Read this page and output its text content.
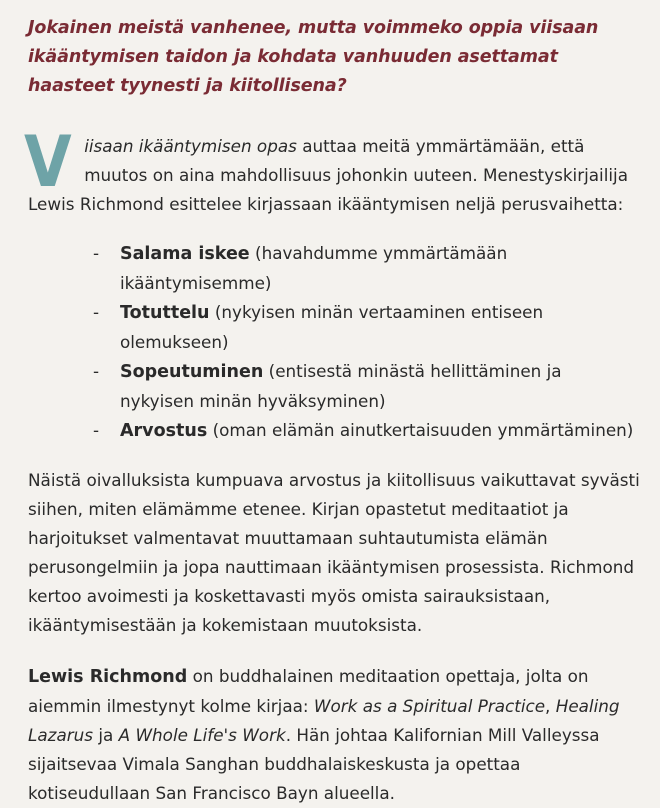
Jokainen meistä vanhenee, mutta voimmeko oppia viisaan ikääntymisen taidon ja kohdata vanhuuden asettamat haasteet tyynesti ja kiitollisena?

V iisaan ikääntymisen opas auttaa meitä ymmärtämään, että muutos on aina mahdollisuus johonkin uuteen. Menestyskirjailija Lewis Richmond esittelee kirjassaan ikääntymisen neljä perusvaihetta:

-	Salama iskee (havahdumme ymmärtämään ikääntymisemme)
-	Totuttelu (nykyisen minän vertaaminen entiseen olemukseen)
-	Sopeutuminen (entisestä minästä hellittäminen ja nykyisen minän hyväksyminen)
-	Arvostus (oman elämän ainutkertaisuuden ymmärtäminen)

Näistä oivalluksista kumpuava arvostus ja kiitollisuus vaikuttavat syvästi siihen, miten elämämme etenee. Kirjan opastetut meditaatiot ja harjoitukset valmentavat muuttamaan suhtautumista elämän perusongelmiin ja jopa nauttimaan ikääntymisen prosessista. Richmond kertoo avoimesti ja koskettavasti myös omista sairauksistaan, ikääntymisestään ja kokemistaan muutoksista.

Lewis Richmond on buddhalainen meditaation opettaja, jolta on aiemmin ilmestynyt kolme kirjaa: Work as a Spiritual Practice, Healing Lazarus ja A Whole Life's Work. Hän johtaa Kalifornian Mill Valleyssa sijaitsevaa Vimala Sanghan buddhalaiskeskusta ja opettaa kotiseudullaan San Francisco Bayn alueella.
